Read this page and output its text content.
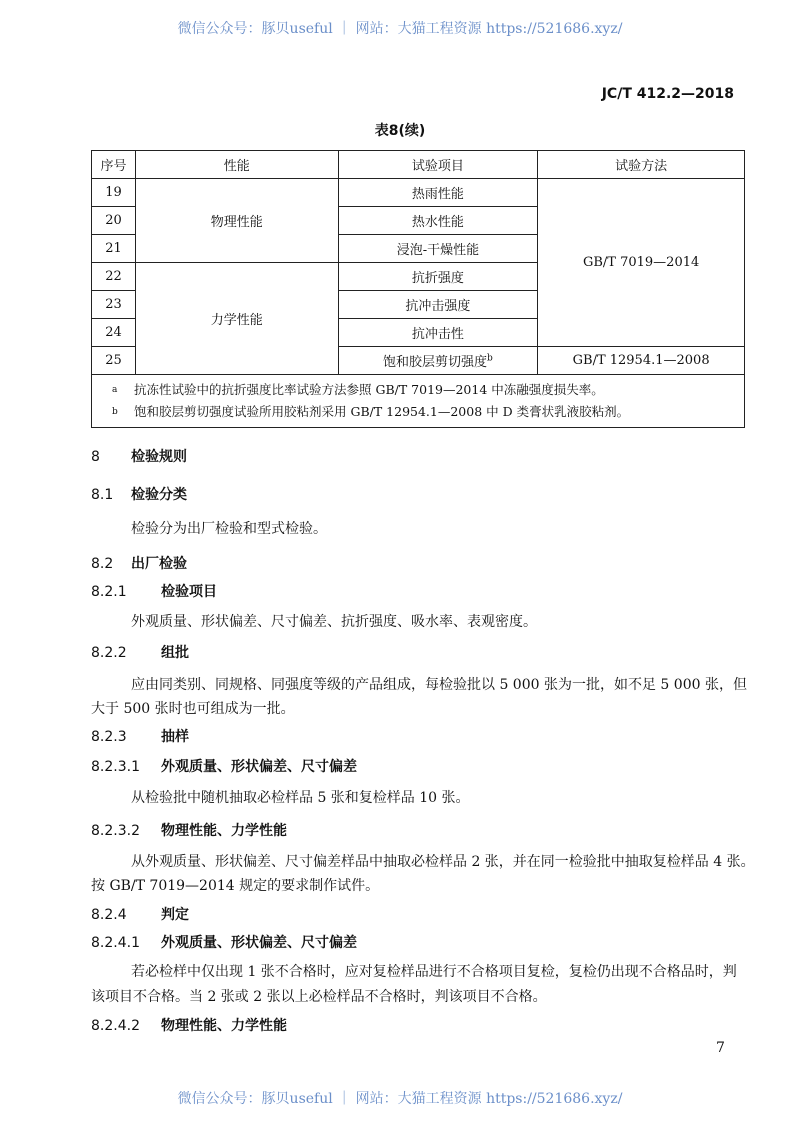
微信公众号：豚贝useful ｜ 网站：大猫工程资源 https://521686.xyz/
JC/T 412.2—2018
表8(续)
序号	性能	试验项目	试验方法
19	物理性能	热雨性能	GB/T 7019—2014
20		热水性能	
21		浸泡-干燥性能	
22	力学性能	抗折强度	
23		抗冲击强度	
24		抗冲击性	
25		饱和胶层剪切强度$^b$	GB/T 12954.1—2008

a 抗冻性试验中的抗折强度比率试验方法参照 GB/T 7019—2014 中冻融强度损失率。
b 饱和胶层剪切强度试验所用胶粘剂采用 GB/T 12954.1—2008 中 D 类膏状乳液胶粘剂。			
8 检验规则
8.1 检验分类
检验分为出厂检验和型式检验。
8.2 出厂检验
8.2.1 检验项目
外观质量、形状偏差、尺寸偏差、抗折强度、吸水率、表观密度。
8.2.2 组批
应由同类别、同规格、同强度等级的产品组成，每检验批以 5 000 张为一批，如不足 5 000 张，但
大于 500 张时也可组成为一批。
8.2.3 抽样
8.2.3.1 外观质量、形状偏差、尺寸偏差
从检验批中随机抽取必检样品 5 张和复检样品 10 张。
8.2.3.2 物理性能、力学性能
从外观质量、形状偏差、尺寸偏差样品中抽取必检样品 2 张，并在同一检验批中抽取复检样品 4 张。
按 GB/T 7019—2014 规定的要求制作试件。
8.2.4 判定
8.2.4.1 外观质量、形状偏差、尺寸偏差
若必检样中仅出现 1 张不合格时，应对复检样品进行不合格项目复检，复检仍出现不合格品时，判
该项目不合格。当 2 张或 2 张以上必检样品不合格时，判该项目不合格。
8.2.4.2 物理性能、力学性能
7
微信公众号：豚贝useful ｜ 网站：大猫工程资源 https://521686.xyz/
